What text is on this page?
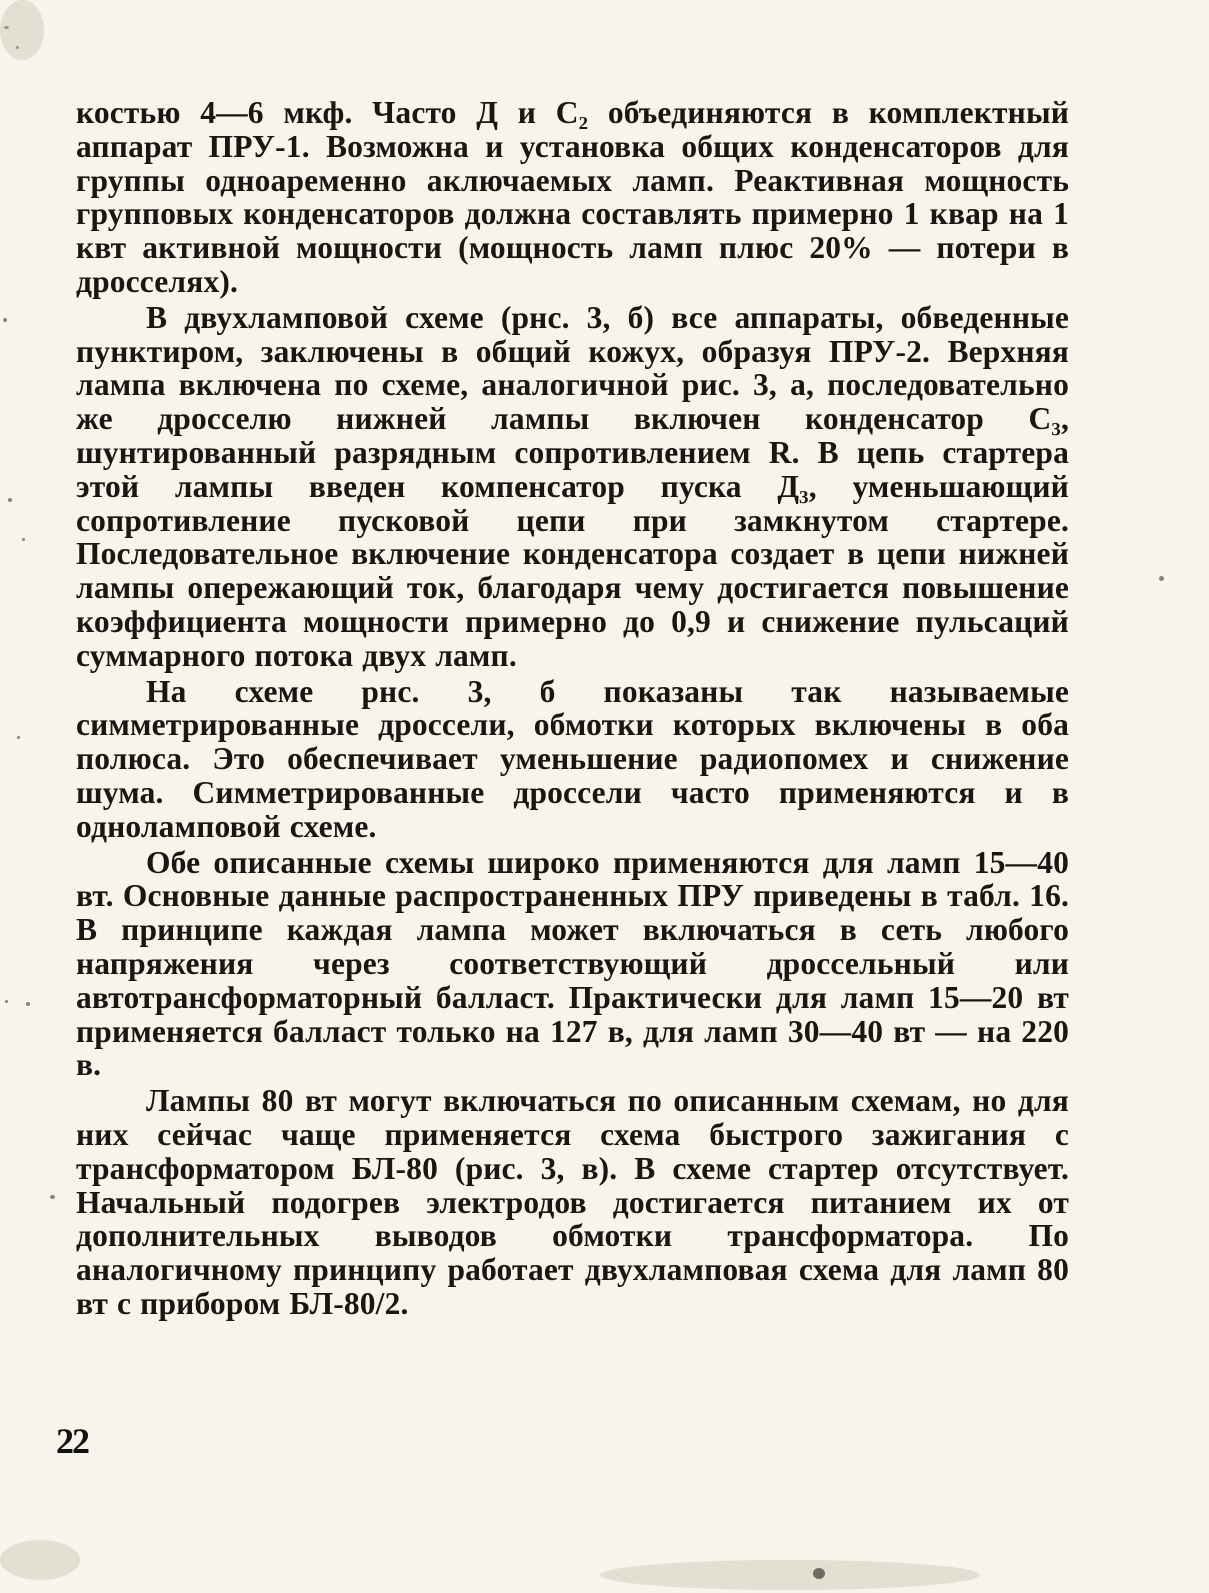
костью 4—6 мкф. Часто Д и С₂ объединяются в комплектный аппарат ПРУ-1. Возможна и установка общих конденсаторов для группы одноаременно аключаемых ламп. Реактивная мощность групповых конденсаторов должна составлять примерно 1 квар на 1 квт активной мощности (мощность ламп плюс 20% — потери в дросселях).

В двухламповой схеме (рнс. 3, б) все аппараты, обведенные пунктиром, заключены в общий кожух, образуя ПРУ-2. Верхняя лампа включена по схеме, аналогичной рис. 3, а, последовательно же дросселю нижней лампы включен конденсатор С₃, шунтированный разрядным сопротивлением R. В цепь стартера этой лампы введен компенсатор пуска Д₃, уменьшающий сопротивление пусковой цепи при замкнутом стартере. Последовательное включение конденсатора создает в цепи нижней лампы опережающий ток, благодаря чему достигается повышение коэффициента мощности примерно до 0,9 и снижение пульсаций суммарного потока двух ламп.

На схеме рнс. 3, б показаны так называемые симметрированные дроссели, обмотки которых включены в оба полюса. Это обеспечивает уменьшение радиопомех и снижение шума. Симметрированные дроссели часто применяются и в одноламповой схеме.

Обе описанные схемы широко применяются для ламп 15—40 вт. Основные данные распространенных ПРУ приведены в табл. 16. В принципе каждая лампа может включаться в сеть любого напряжения через соответствующий дроссельный или автотрансформаторный балласт. Практически для ламп 15—20 вт применяется балласт только на 127 в, для ламп 30—40 вт — на 220 в.

Лампы 80 вт могут включаться по описанным схемам, но для них сейчас чаще применяется схема быстрого зажигания с трансформатором БЛ-80 (рис. 3, в). В схеме стартер отсутствует. Начальный подогрев электродов достигается питанием их от дополнительных выводов обмотки трансформатора. По аналогичному принципу работает двухламповая схема для ламп 80 вт с прибором БЛ-80/2.

22
